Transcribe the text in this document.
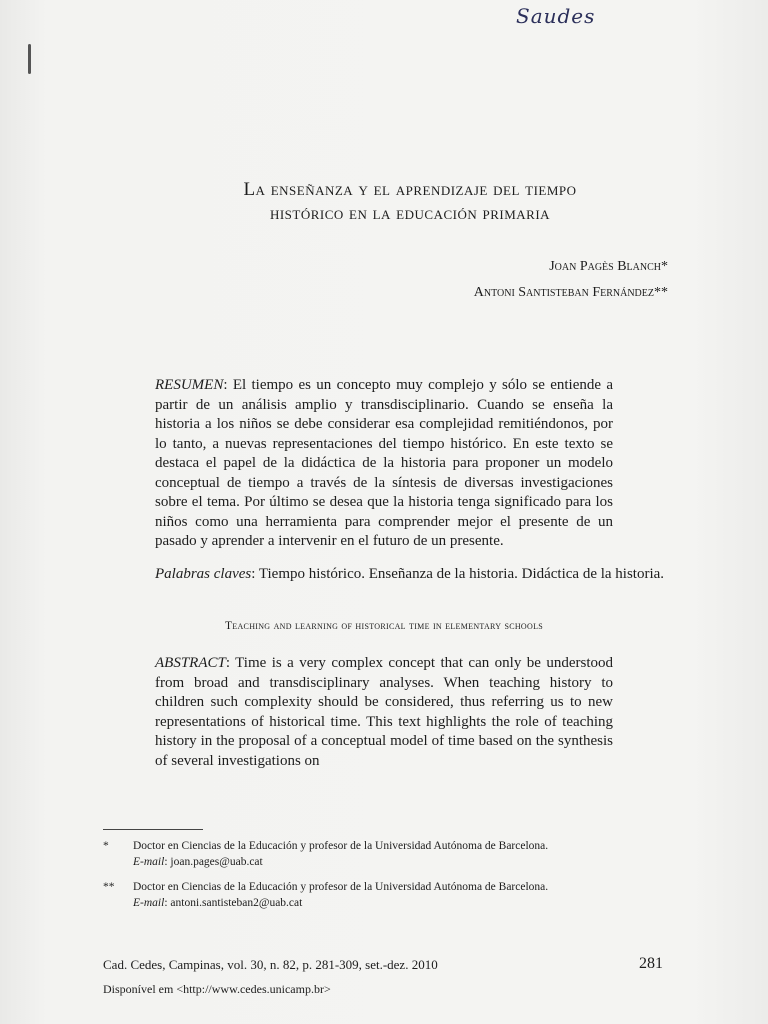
Saudes
La enseñanza y el aprendizaje del tiempo
histórico en la educación primaria
Joan Pagès Blanch*
Antoni Santisteban Fernández**
RESUMEN: El tiempo es un concepto muy complejo y sólo se entiende a partir de un análisis amplio y transdisciplinario. Cuando se enseña la historia a los niños se debe considerar esa complejidad remitiéndonos, por lo tanto, a nuevas representaciones del tiempo histórico. En este texto se destaca el papel de la didáctica de la historia para proponer un modelo conceptual de tiempo a través de la síntesis de diversas investigaciones sobre el tema. Por último se desea que la historia tenga significado para los niños como una herramienta para comprender mejor el presente de un pasado y aprender a intervenir en el futuro de un presente.
Palabras claves: Tiempo histórico. Enseñanza de la historia. Didáctica de la historia.
Teaching and learning of historical time in elementary schools
ABSTRACT: Time is a very complex concept that can only be understood from broad and transdisciplinary analyses. When teaching history to children such complexity should be considered, thus referring us to new representations of historical time. This text highlights the role of teaching history in the proposal of a conceptual model of time based on the synthesis of several investigations on
* Doctor en Ciencias de la Educación y profesor de la Universidad Autónoma de Barcelona.
E-mail: joan.pages@uab.cat
** Doctor en Ciencias de la Educación y profesor de la Universidad Autónoma de Barcelona.
E-mail: antoni.santisteban2@uab.cat
Cad. Cedes, Campinas, vol. 30, n. 82, p. 281-309, set.-dez. 2010	281
Disponível em <http://www.cedes.unicamp.br>
